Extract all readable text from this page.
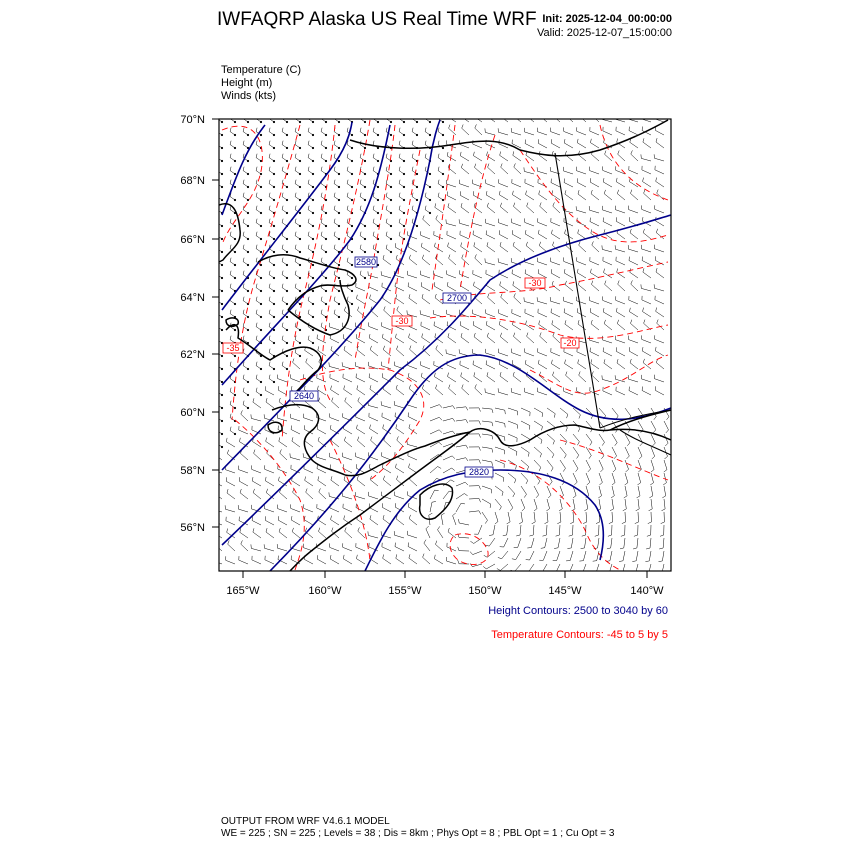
IWFAQRP Alaska US Real Time WRF Init: 2025-12-04_00:00:00
Valid: 2025-12-07_15:00:00
Temperature (C)
Height (m)
Winds (kts)
2580
2700
2640
2820
-30
-30
-20
-35
70°N
68°N
66°N
64°N
62°N
60°N
58°N
56°N
165°W	160°W	155°W	150°W	145°W	140°W
Height Contours: 2500 to 3040 by 60
Temperature Contours: -45 to 5 by 5
OUTPUT FROM WRF V4.6.1 MODEL
WE = 225 ; SN = 225 ; Levels = 38 ; Dis = 8km ; Phys Opt = 8 ; PBL Opt = 1 ; Cu Opt = 3
